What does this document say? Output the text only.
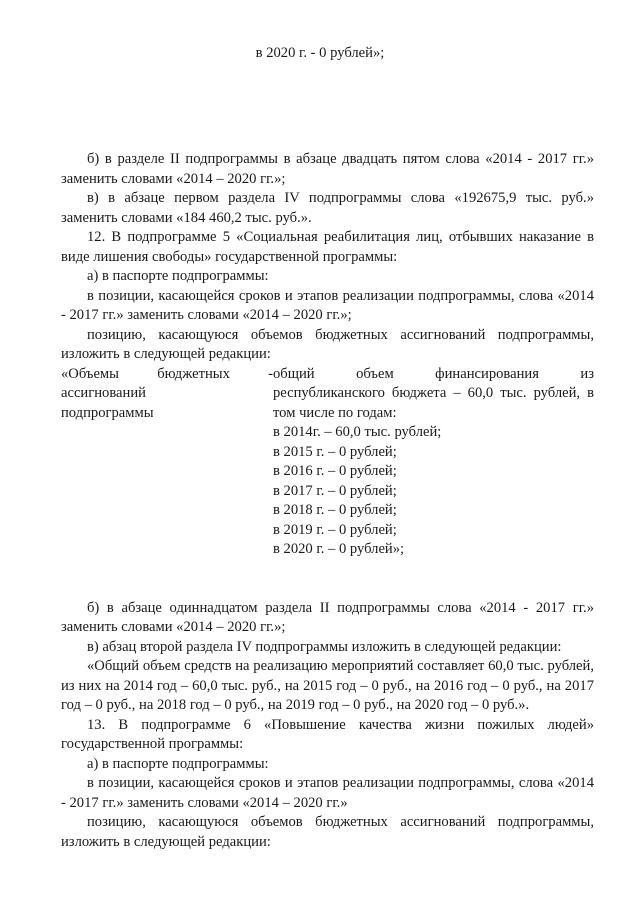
в 2020 г. - 0 рублей»;

б) в разделе II подпрограммы в абзаце двадцать пятом слова «2014 - 2017 гг.» заменить словами «2014 – 2020 гг.»;

в) в абзаце первом раздела IV подпрограммы слова «192675,9 тыс. руб.» заменить словами «184 460,2 тыс. руб.».

12. В подпрограмме 5 «Социальная реабилитация лиц, отбывших наказание в виде лишения свободы» государственной программы:

а) в паспорте подпрограммы:

в позиции, касающейся сроков и этапов реализации подпрограммы, слова «2014 - 2017 гг.» заменить словами «2014 – 2020 гг.»;

позицию, касающуюся объемов бюджетных ассигнований подпрограммы, изложить в следующей редакции:

«Объемы бюджетных -
ассигнований
подпрограммы
общий объем финансирования из
республиканского бюджета – 60,0 тыс. рублей, в
том числе по годам:
в 2014г. – 60,0 тыс. рублей;
в 2015 г. – 0 рублей;
в 2016 г. – 0 рублей;
в 2017 г. – 0 рублей;
в 2018 г. – 0 рублей;
в 2019 г. – 0 рублей;
в 2020 г. – 0 рублей»;

б) в абзаце одиннадцатом раздела II подпрограммы слова «2014 - 2017 гг.» заменить словами «2014 – 2020 гг.»;

в) абзац второй раздела IV подпрограммы изложить в следующей редакции:

«Общий объем средств на реализацию мероприятий составляет 60,0 тыс. рублей, из них на 2014 год – 60,0 тыс. руб., на 2015 год – 0 руб., на 2016 год – 0 руб., на 2017 год – 0 руб., на 2018 год – 0 руб., на 2019 год – 0 руб., на 2020 год – 0 руб.».

13. В подпрограмме 6 «Повышение качества жизни пожилых людей» государственной программы:

а) в паспорте подпрограммы:

в позиции, касающейся сроков и этапов реализации подпрограммы, слова «2014 - 2017 гг.» заменить словами «2014 – 2020 гг.»

позицию, касающуюся объемов бюджетных ассигнований подпрограммы, изложить в следующей редакции:
